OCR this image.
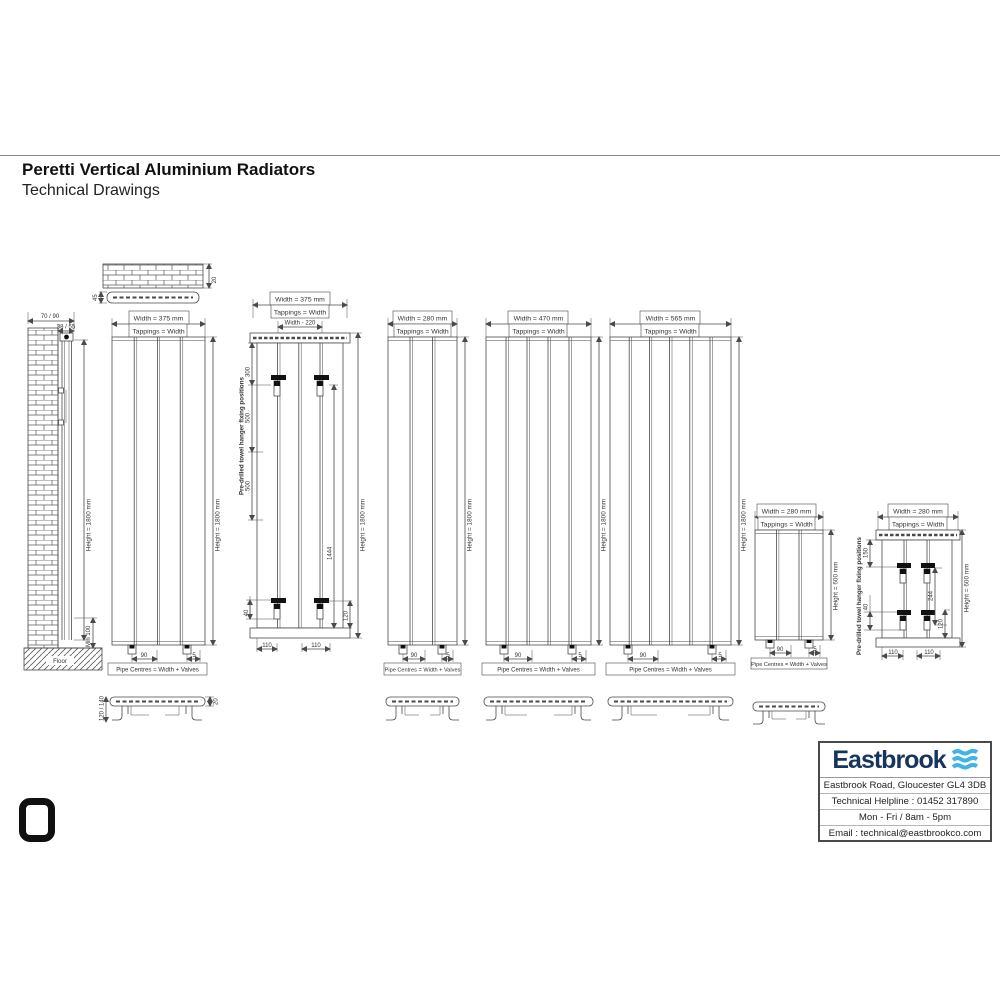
Peretti Vertical Aluminium Radiators
Technical Drawings
70 / 90
38 / 55
Height = 1800 mm
Min 100
Floor
20
45
Width = 375 mm
Tappings = Width
Height = 1800 mm
90	5
Pipe Centres = Width + Valves
120 / 140	20
Width = 375 mm
Tappings = Width
Width - 220
Pre-drilled towel hanger fixing positions
300
500
500
1444
Height = 1800 mm
40	120
110	110
Width = 280 mm
Tappings = Width
Height = 1800 mm
90	5
Pipe Centres = Width + Valves
Width = 470 mm
Tappings = Width
Height = 1800 mm
90	5
Pipe Centres = Width + Valves
Width = 565 mm
Tappings = Width
Height = 1800 mm
90	5
Pipe Centres = Width + Valves
Width = 280 mm
Tappings = Width
Height = 600 mm
90	5
Pipe Centres = Width + Valves
Width = 280 mm
Tappings = Width
Pre-drilled towel hanger fixing positions 150
40
244
120
Height = 600 mm
110	110
Eastbrook
Eastbrook Road, Gloucester GL4 3DB
Technical Helpline : 01452 317890
Mon - Fri / 8am - 5pm
Email : technical@eastbrookco.com
